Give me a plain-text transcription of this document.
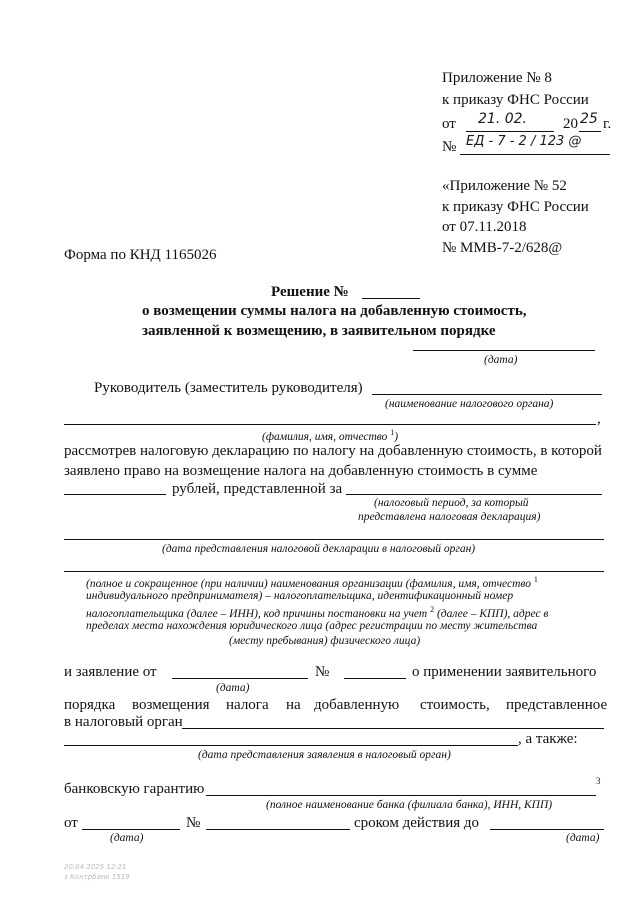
Приложение № 8
к приказу ФНС России
от 21. 02. 20 25 г.
№ ЕД - 7 - 2 / 123 @
«Приложение № 52
к приказу ФНС России
от 07.11.2018
№ ММВ-7-2/628@
Форма по КНД 1165026
Решение №
о возмещении суммы налога на добавленную стоимость,
заявленной к возмещению, в заявительном порядке
(дата)
Руководитель (заместитель руководителя)
(наименование налогового органа)
,
(фамилия, имя, отчество $^1$)
рассмотрев налоговую декларацию по налогу на добавленную стоимость, в которой
заявлено право на возмещение налога на добавленную стоимость в сумме
рублей, представленной за
(налоговый период, за который
представлена налоговая декларация)
(дата представления налоговой декларации в налоговый орган)
(полное и сокращенное (при наличии) наименования организации (фамилия, имя, отчество $^1$
индивидуального предпринимателя) – налогоплательщика, идентификационный номер
налогоплательщика (далее – ИНН), код причины постановки на учет $^2$ (далее – КПП), адрес в
пределах места нахождения юридического лица (адрес регистрации по месту жительства
(месту пребывания) физического лица)
и заявление от	№	о применении заявительного
(дата)
порядка возмещения налога на добавленную стоимость, представленное
в налоговый орган
, а также:
(дата представления заявления в налоговый орган)
банковскую гарантию	3
(полное наименование банка (филиала банка), ИНН, КПП)
от	№	сроком действия до
(дата)	(дата)
20.04 2025 12:21
з Контрбанк 1519
